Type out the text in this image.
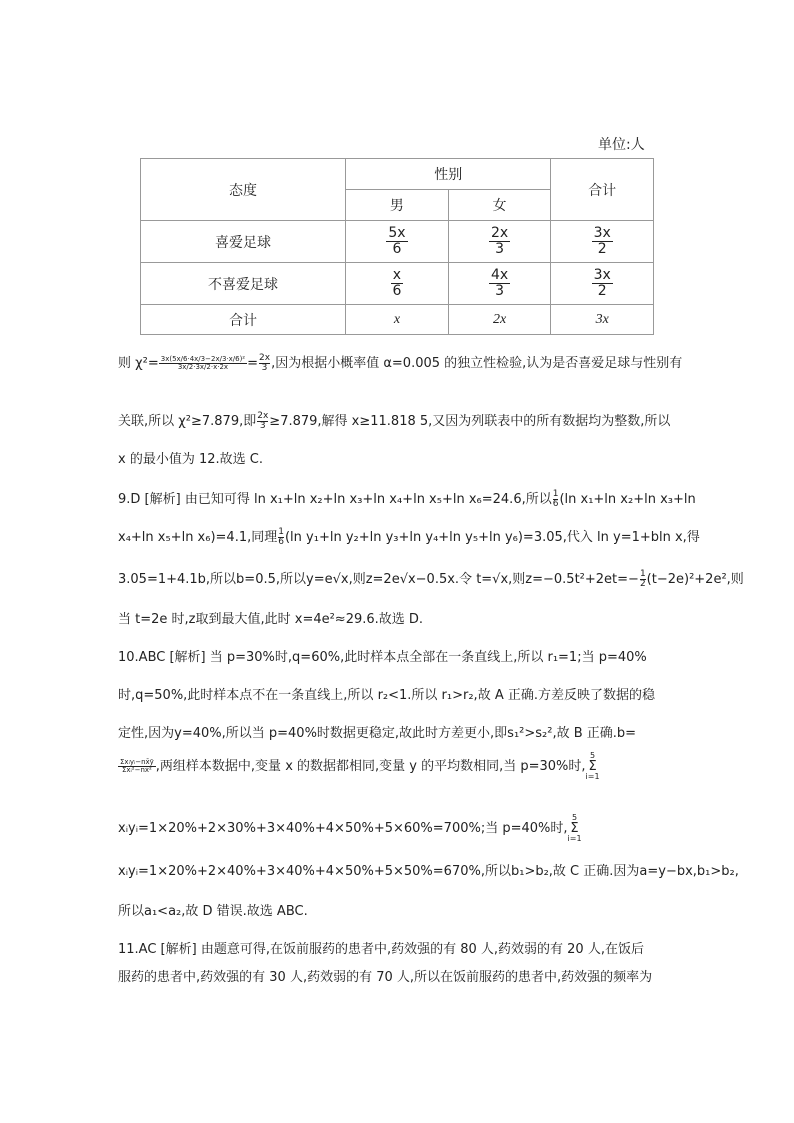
单位:人
态度	性别		合计
	男	女	
喜爱足球	$\frac{5x}{6}$	$\frac{2x}{3}$	$\frac{3x}{2}$

不喜爱足球	$\frac{x}{6}$	$\frac{4x}{3}$	$\frac{3x}{2}$

合计	x	2x	3x
则 $\chi^2= \frac{\text{3x(5x/6·4x/3−2x/3·x/6)²}}{3x/2\cdot 3x/2\cdot x\cdot 2x} = \frac{2x}{3}$ ,因为根据小概率值 α=0.005 的独立性检验,认为是否喜爱足球与性别有
关联,所以 χ²≥7.879,即 $\frac{2x}{3} \ge 7.879$,解得 x≥11.818 5,又因为列联表中的所有数据均为整数,所以
x 的最小值为 12.故选 C.
9.D [解析] 由已知可得 ln x₁+ln x₂+ln x₃+ln x₄+ln x₅+ln x₆=24.6,所以 $\frac{1}{6} (\ln$ x₁+ln x₂+ln x₃+ln
x₄+ln x₅+ln x₆)=4.1,同理 $\frac{1}{6} (\ln$ y₁+ln y₂+ln y₃+ln y₄+ln y₅+ln y₆)=3.05,代入 ln y=1+bln x,得
3.05=1+4.1b,所以b=0.5,所以y=e√x,则z=2e√x−0.5x.令 t=√x,则$z=-0.5t^2+2et=- \frac{1}{2} (t-2e)^2+2e^2$,则
当 t=2e 时,z取到最大值,此时 x=4e²≈29.6.故选 D.
10.ABC [解析] 当 p=30%时,q=60%,此时样本点全部在一条直线上,所以 r₁=1;当 p=40%
时,q=50%,此时样本点不在一条直线上,所以 r₂<1.所以 r₁>r₂,故 A 正确.方差反映了数据的稳
定性,因为y=40%,所以当 p=40%时数据更稳定,故此时方差更小,即s₁²>s₂²,故 B 正确.b=
$\frac{\text{Σxᵢyᵢ−nx̄ȳ}}{\text{Σxᵢ²−nx̄²}}$ ,两组样本数据中,变量 x 的数据都相同,变量 y 的平均数相同,当 p=30%时,
5
Σ
i=1
xᵢyᵢ=1×20%+2×30%+3×40%+4×50%+5×60%=700%;当 p=40%时,
5
Σ
i=1
xᵢyᵢ=1×20%+2×40%+3×40%+4×50%+5×50%=670%,所以b₁>b₂,故 C 正确.因为a=y−bx,b₁>b₂,
所以a₁<a₂,故 D 错误.故选 ABC.
11.AC [解析] 由题意可得,在饭前服药的患者中,药效强的有 80 人,药效弱的有 20 人,在饭后
服药的患者中,药效强的有 30 人,药效弱的有 70 人,所以在饭前服药的患者中,药效强的频率为
